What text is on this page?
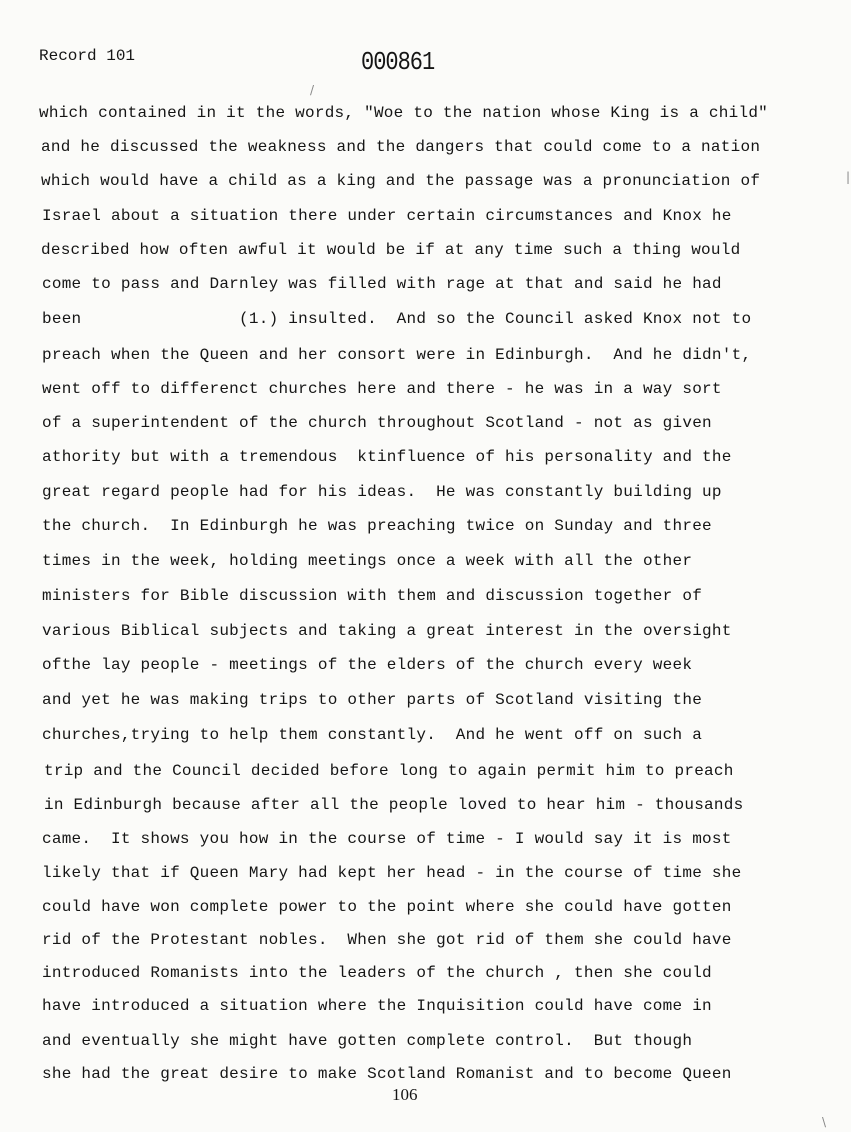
Record 101	000861
which contained in it the words, "Woe to the nation whose King is a child"
and he discussed the weakness and the dangers that could come to a nation
which would have a child as a king and the passage was a pronunciation of
Israel about a situation there under certain circumstances and Knox he
described how often awful it would be if at any time such a thing would
come to pass and Darnley was filled with rage at that and said he had
been                (1.) insulted.  And so the Council asked Knox not to
preach when the Queen and her consort were in Edinburgh.  And he didn't,
went off to differenct churches here and there - he was in a way sort
of a superintendent of the church throughout Scotland - not as given
athority but with a tremendous  ktinfluence of his personality and the
great regard people had for his ideas.  He was constantly building up
the church.  In Edinburgh he was preaching twice on Sunday and three
times in the week, holding meetings once a week with all the other
ministers for Bible discussion with them and discussion together of
various Biblical subjects and taking a great interest in the oversight
ofthe lay people - meetings of the elders of the church every week
and yet he was making trips to other parts of Scotland visiting the
churches,trying to help them constantly.  And he went off on such a
trip and the Council decided before long to again permit him to preach
in Edinburgh because after all the people loved to hear him - thousands
came.  It shows you how in the course of time - I would say it is most
likely that if Queen Mary had kept her head - in the course of time she
could have won complete power to the point where she could have gotten
rid of the Protestant nobles.  When she got rid of them she could have
introduced Romanists into the leaders of the church , then she could
have introduced a situation where the Inquisition could have come in
and eventually she might have gotten complete control.  But though
she had the great desire to make Scotland Romanist and to become Queen
106
/
|
\
